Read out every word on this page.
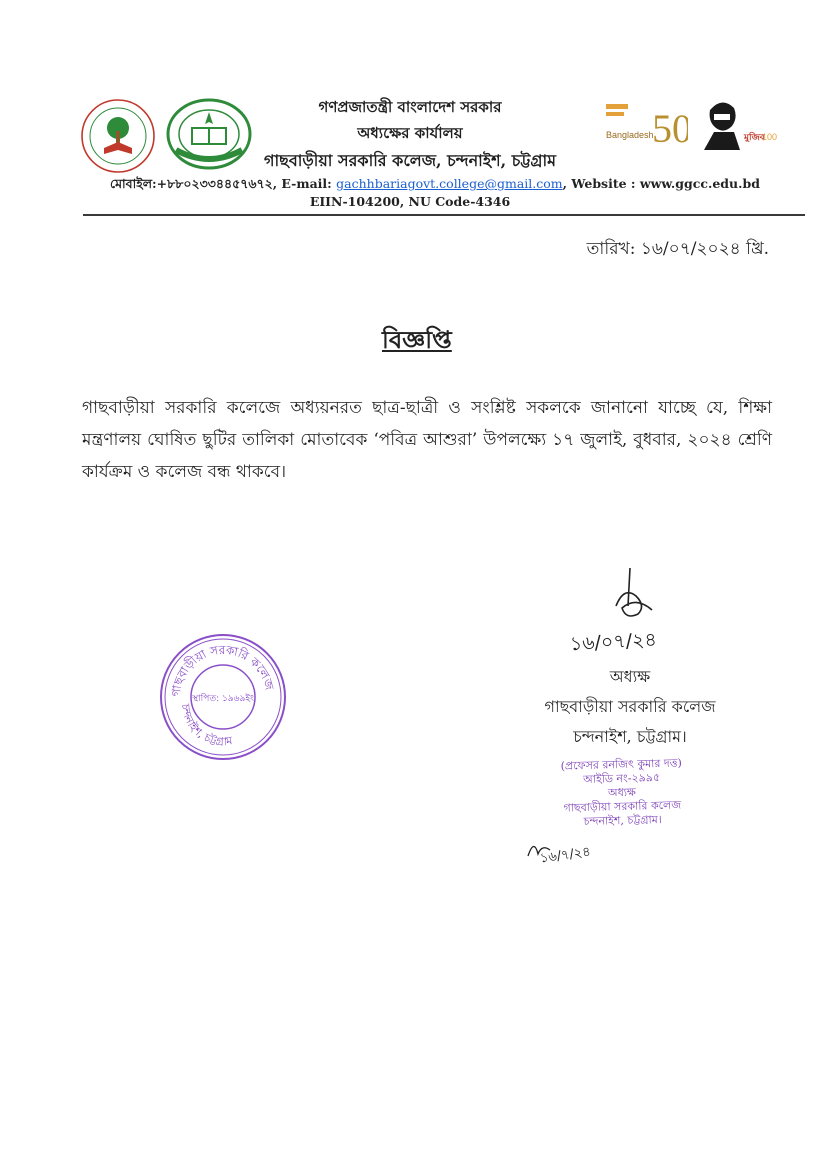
গণপ্রজাতন্ত্রী বাংলাদেশ সরকার
অধ্যক্ষের কার্যালয়
গাছবাড়ীয়া সরকারি কলেজ, চন্দনাইশ, চট্টগ্রাম
50
Bangladesh	মুজিব
100
মোবাইল:+৮৮০২৩৩৪৪৫৭৬৭২, E-mail: gachhbariagovt.college@gmail.com, Website : www.ggcc.edu.bd
EIIN-104200, NU Code-4346
তারিখ: ১৬/০৭/২০২৪ খ্রি.
বিজ্ঞপ্তি
গাছবাড়ীয়া সরকারি কলেজে অধ্যয়নরত ছাত্র-ছাত্রী ও সংশ্লিষ্ট সকলকে জানানো যাচ্ছে যে, শিক্ষা মন্ত্রণালয় ঘোষিত ছুটির তালিকা মোতাবেক ‘পবিত্র আশুরা’ উপলক্ষ্যে ১৭ জুলাই, বুধবার, ২০২৪ শ্রেণি কার্যক্রম ও কলেজ বন্ধ থাকবে।
১৬/০৭/২৪
অধ্যক্ষ
গাছবাড়ীয়া সরকারি কলেজ
চন্দনাইশ, চট্টগ্রাম।
গাছবাড়ীয়া সরকারি কলেজ
চন্দনাইশ, চট্টগ্রাম
স্থাপিত: ১৯৬৯ইং
(প্রফেসর রনজিৎ কুমার দত্ত)
আইডি নং-২৯৯৫
অধ্যক্ষ
গাছবাড়ীয়া সরকারি কলেজ
চন্দনাইশ, চট্টগ্রাম।
১৬/৭/২৪
